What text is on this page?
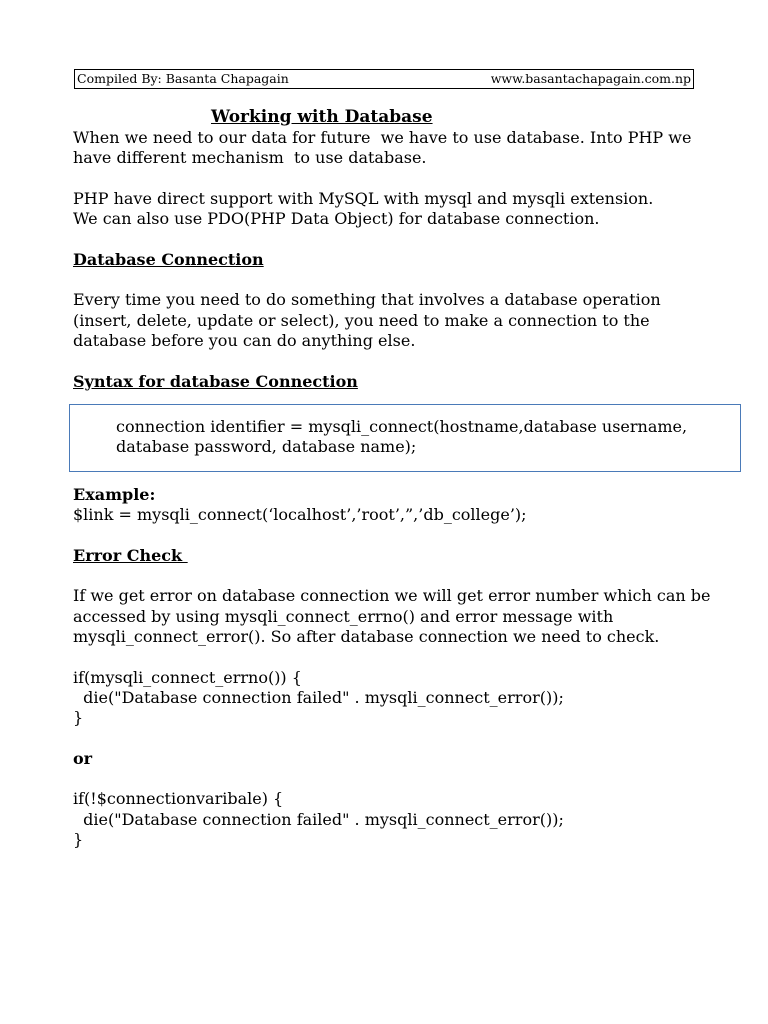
Compiled By: Basanta Chapagain	www.basantachapagain.com.np
Working with Database
When we need to our data for future  we have to use database. Into PHP we
have different mechanism  to use database.
PHP have direct support with MySQL with mysql and mysqli extension.
We can also use PDO(PHP Data Object) for database connection.
Database Connection
Every time you need to do something that involves a database operation
(insert, delete, update or select), you need to make a connection to the
database before you can do anything else.
Syntax for database Connection
connection identifier = mysqli_connect(hostname,database username,
database password, database name);
Example:
$link = mysqli_connect(‘localhost’,’root’,”,’db_college’);
Error Check
If we get error on database connection we will get error number which can be
accessed by using mysqli_connect_errno() and error message with
mysqli_connect_error(). So after database connection we need to check.
if(mysqli_connect_errno()) {
die("Database connection failed" . mysqli_connect_error());
}
or
if(!$connectionvaribale) {
die("Database connection failed" . mysqli_connect_error());
}
